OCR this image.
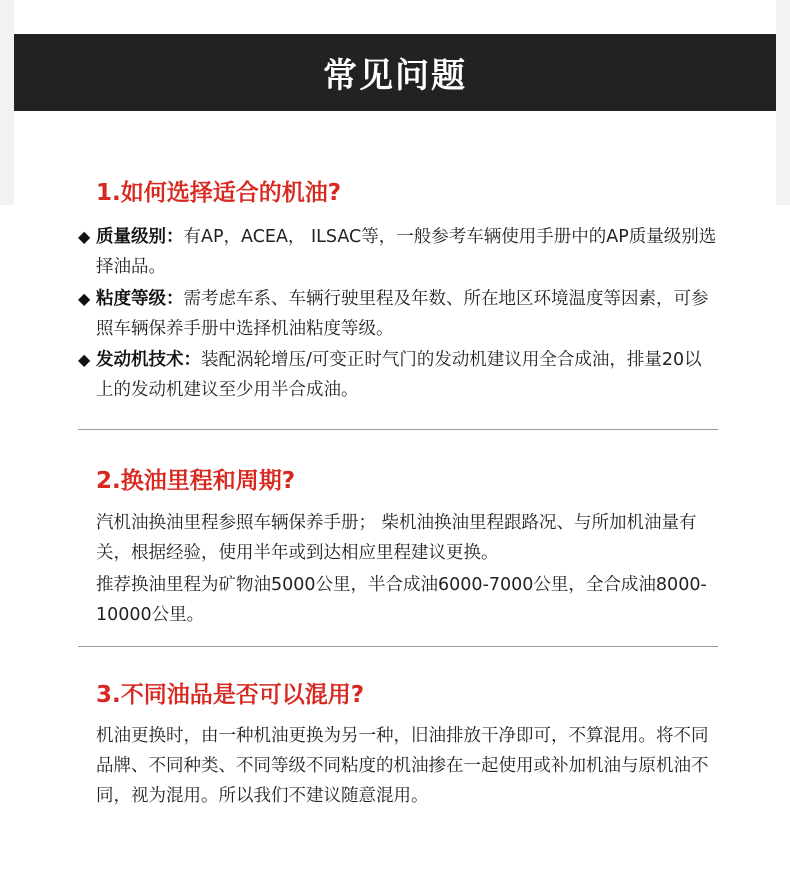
常见问题
1.如何选择适合的机油?
◆ 质量级别：有AP，ACEA， ILSAC等，一般参考车辆使用手册中的AP质量级别选择油品。
◆ 粘度等级：需考虑车系、车辆行驶里程及年数、所在地区环境温度等因素，可参照车辆保养手册中选择机油粘度等级。
◆ 发动机技术：装配涡轮增压/可变正时气门的发动机建议用全合成油，排量20以上的发动机建议至少用半合成油。
2.换油里程和周期?
汽机油换油里程参照车辆保养手册； 柴机油换油里程跟路况、与所加机油量有关，根据经验，使用半年或到达相应里程建议更换。
推荐换油里程为矿物油5000公里，半合成油6000-7000公里，全合成油8000-10000公里。
3.不同油品是否可以混用?
机油更换时，由一种机油更换为另一种，旧油排放干净即可，不算混用。将不同品牌、不同种类、不同等级不同粘度的机油掺在一起使用或补加机油与原机油不同，视为混用。所以我们不建议随意混用。
